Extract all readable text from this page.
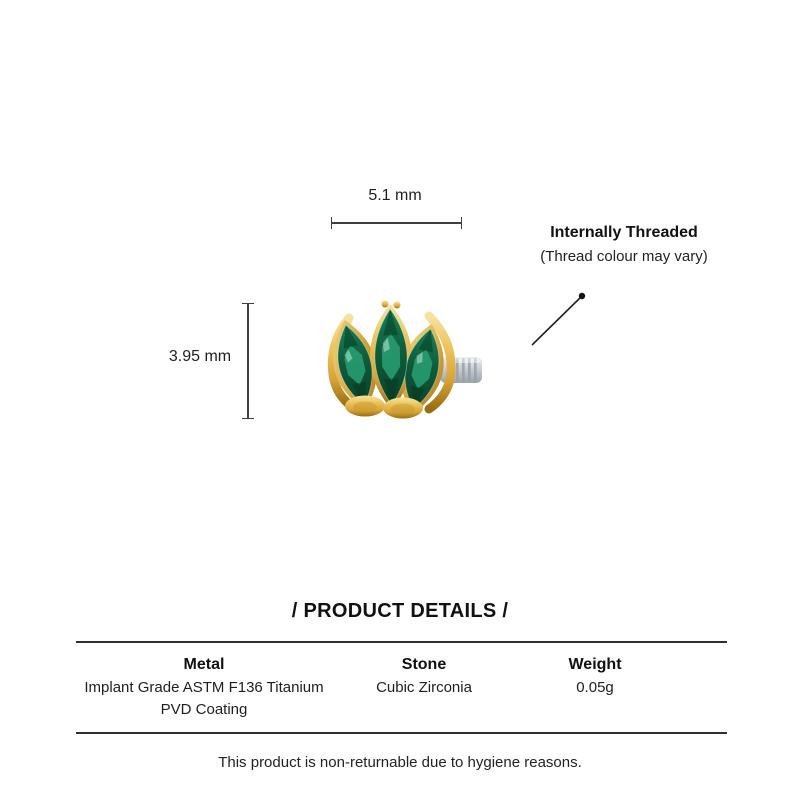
5.1 mm
3.95 mm
Internally Threaded
(Thread colour may vary)
/ PRODUCT DETAILS /
Metal
Implant Grade ASTM F136 Titanium
PVD Coating
Stone
Cubic Zirconia
Weight
0.05g
This product is non-returnable due to hygiene reasons.
